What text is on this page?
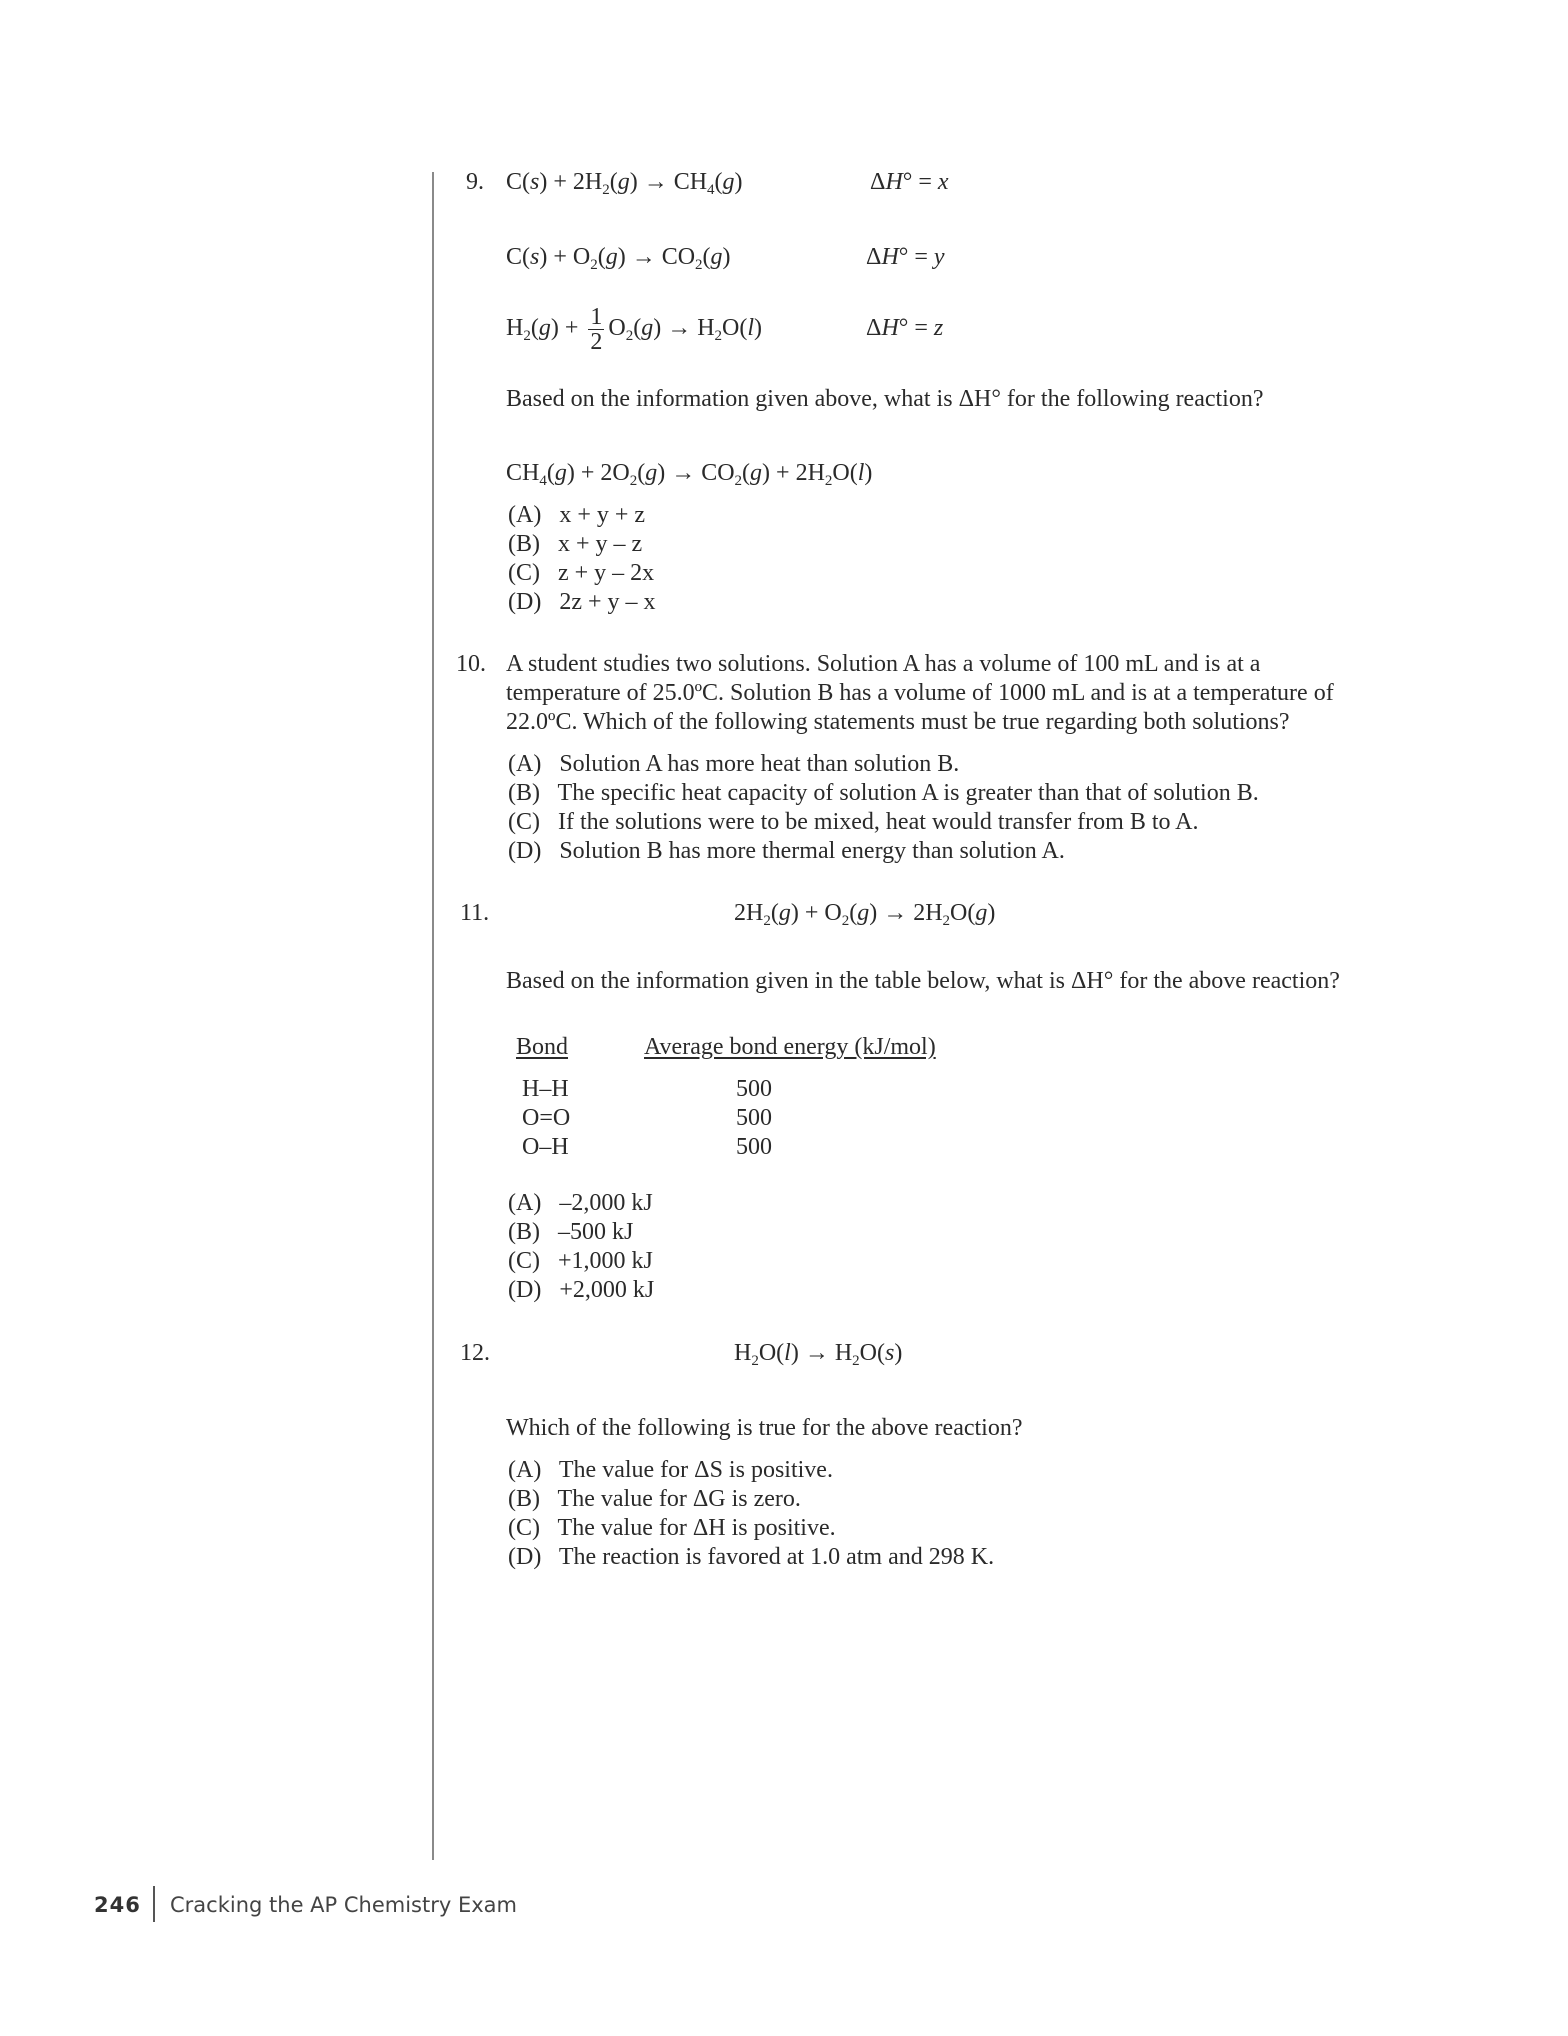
9. $C(s) + 2H_2(g) \to CH_4(g)$	ΔH° = x
$C(s) + O_2(g) \to CO_2(g)$	ΔH° = y
$H_2(g) + \frac{1}{2} O_2(g) \to H_2O(l)$	ΔH° = z
Based on the information given above, what is ΔH° for the following reaction?
$CH_4(g) + 2O_2(g) \to CO_2(g) + 2H_2O(l)$
(A)   x + y + z
(B)   x + y – z
(C)   z + y – 2x
(D)   2z + y – x
10. A student studies two solutions. Solution A has a volume of 100 mL and is at a
temperature of 25.0ºC. Solution B has a volume of 1000 mL and is at a temperature of
22.0ºC. Which of the following statements must be true regarding both solutions?
(A)   Solution A has more heat than solution B.
(B)   The specific heat capacity of solution A is greater than that of solution B.
(C)   If the solutions were to be mixed, heat would transfer from B to A.
(D)   Solution B has more thermal energy than solution A.
11.	$2H_2(g) + O_2(g) \to 2H_2O(g)$
Based on the information given in the table below, what is ΔH° for the above reaction?
Bond	Average bond energy (kJ/mol)
H–H	500
O=O	500
O–H	500
(A)   –2,000 kJ
(B)   –500 kJ
(C)   +1,000 kJ
(D)   +2,000 kJ
12.	$H_2O(l) \to H_2O(s)$
Which of the following is true for the above reaction?
(A)   The value for ΔS is positive.
(B)   The value for ΔG is zero.
(C)   The value for ΔH is positive.
(D)   The reaction is favored at 1.0 atm and 298 K.
246 Cracking the AP Chemistry Exam
